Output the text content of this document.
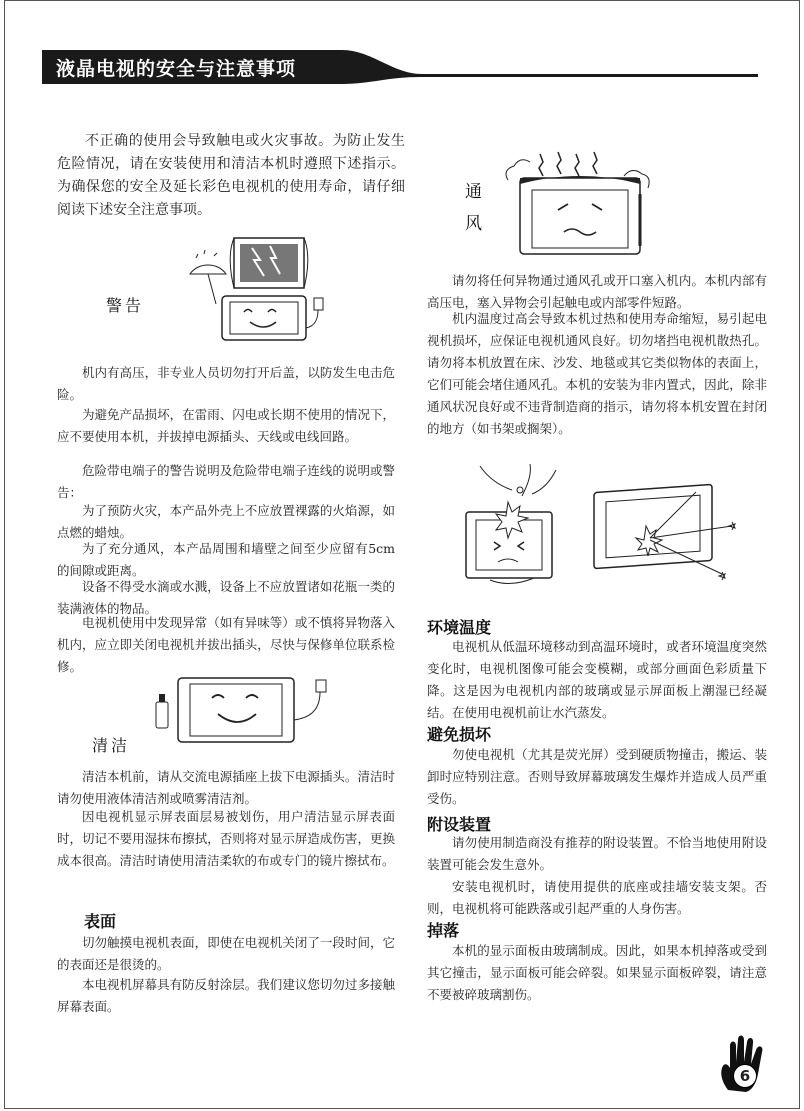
液晶电视的安全与注意事项

不正确的使用会导致触电或火灾事故。为防止发生危险情况，请在安装使用和清洁本机时遵照下述指示。为确保您的安全及延长彩色电视机的使用寿命，请仔细阅读下述安全注意事项。

警告

机内有高压，非专业人员切勿打开后盖，以防发生电击危险。

为避免产品损坏，在雷雨、闪电或长期不使用的情况下，应不要使用本机，并拔掉电源插头、天线或电线回路。

危险带电端子的警告说明及危险带电端子连线的说明或警告：

为了预防火灾，本产品外壳上不应放置裸露的火焰源，如点燃的蜡烛。

为了充分通风，本产品周围和墙壁之间至少应留有5cm的间隙或距离。

设备不得受水滴或水溅，设备上不应放置诸如花瓶一类的装满液体的物品。

电视机使用中发现异常（如有异味等）或不慎将异物落入机内，应立即关闭电视机并拔出插头，尽快与保修单位联系检修。

清洁

清洁本机前，请从交流电源插座上拔下电源插头。清洁时请勿使用液体清洁剂或喷雾清洁剂。

因电视机显示屏表面层易被划伤，用户清洁显示屏表面时，切记不要用湿抹布擦拭，否则将对显示屏造成伤害，更换成本很高。清洁时请使用清洁柔软的布或专门的镜片擦拭布。

表面

切勿触摸电视机表面，即使在电视机关闭了一段时间，它的表面还是很烫的。

本电视机屏幕具有防反射涂层。我们建议您切勿过多接触屏幕表面。

通
风

请勿将任何异物通过通风孔或开口塞入机内。本机内部有高压电，塞入异物会引起触电或内部零件短路。

机内温度过高会导致本机过热和使用寿命缩短，易引起电视机损坏，应保证电视机通风良好。切勿堵挡电视机散热孔。请勿将本机放置在床、沙发、地毯或其它类似物体的表面上，它们可能会堵住通风孔。本机的安装为非内置式，因此，除非通风状况良好或不违背制造商的指示，请勿将本机安置在封闭的地方（如书架或搁架）。

环境温度

电视机从低温环境移动到高温环境时，或者环境温度突然变化时，电视机图像可能会变模糊，或部分画面色彩质量下降。这是因为电视机内部的玻璃或显示屏面板上潮湿已经凝结。在使用电视机前让水汽蒸发。

避免损坏

勿使电视机（尤其是荧光屏）受到硬质物撞击，搬运、装卸时应特别注意。否则导致屏幕玻璃发生爆炸并造成人员严重受伤。

附设装置

请勿使用制造商没有推荐的附设装置。不恰当地使用附设装置可能会发生意外。

安装电视机时，请使用提供的底座或挂墙安装支架。否则，电视机将可能跌落或引起严重的人身伤害。

掉落

本机的显示面板由玻璃制成。因此，如果本机掉落或受到其它撞击，显示面板可能会碎裂。如果显示面板碎裂，请注意不要被碎玻璃割伤。

6
